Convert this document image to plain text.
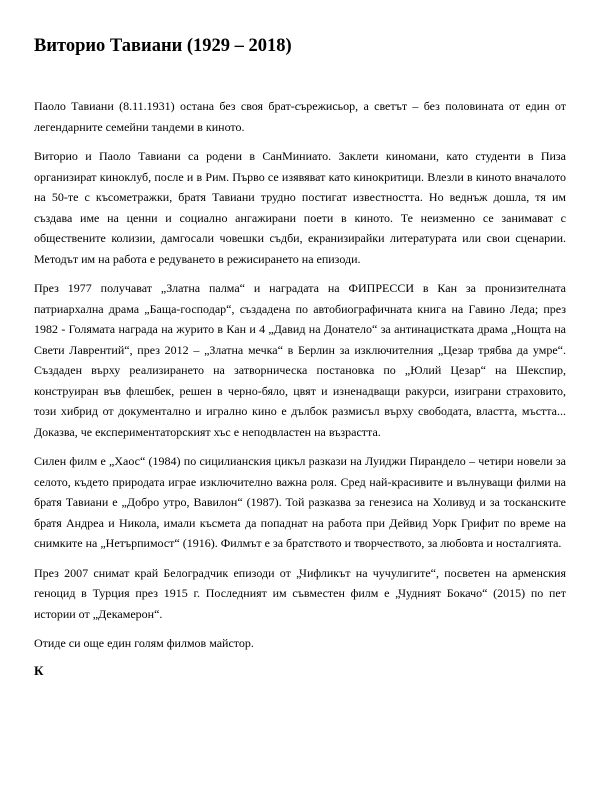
Виторио Тавиани (1929 – 2018)

Паоло Тавиани (8.11.1931) остана без своя брат-сърежисьор, а светът – без половината от един от легендарните семейни тандеми в киното.

Виторио и Паоло Тавиани са родени в СанМиниато. Заклети киномани, като студенти в Пиза организират киноклуб, после и в Рим. Първо се изявяват като кинокритици. Влезли в киното вначалото на 50-те с късометражки, братя Тавиани трудно постигат известността. Но веднъж дошла, тя им създава име на ценни и социално ангажирани поети в киното. Те неизменно се занимават с обществените колизии, дамгосали човешки съдби, екранизирайки литературата или свои сценарии. Методът им на работа е редуването в режисирането на епизоди.

През 1977 получават „Златна палма“ и наградата на ФИПРЕССИ в Кан за пронизителната патриархална драма „Баща-господар“, създадена по автобиографичната книга на Гавино Леда; през 1982 - Голямата награда на журито в Кан и 4 „Давид на Донатело“ за антинацистката драма „Нощта на Свети Лаврентий“, през 2012 – „Златна мечка“ в Берлин за изключителния „Цезар трябва да умре“. Създаден върху реализирането на затворническа постановка по „Юлий Цезар“ на Шекспир, конструиран във флешбек, решен в черно-бяло, цвят и изненадващи ракурси, изиграни страховито, този хибрид от документално и игрално кино е дълбок размисъл върху свободата, властта, мъстта... Доказва, че експериментаторският хъс е неподвластен на възрастта.

Силен филм е „Хаос“ (1984) по сицилианския цикъл разкази на Луиджи Пирандело – четири новели за селото, където природата играе изключително важна роля. Сред най-красивите и вълнуващи филми на братя Тавиани е „Добро утро, Вавилон“ (1987). Той разказва за генезиса на Холивуд и за тосканските братя Андреа и Никола, имали късмета да попаднат на работа при Дейвид Уорк Грифит по време на снимките на „Нетърпимост“ (1916). Филмът е за братството и творчеството, за любовта и носталгията.

През 2007 снимат край Белоградчик епизоди от „Чифликът на чучулигите“, посветен на арменския геноцид в Турция през 1915 г. Последният им съвместен филм е „Чудният Бокачо“ (2015) по пет истории от „Декамерон“.

Отиде си още един голям филмов майстор.

К
